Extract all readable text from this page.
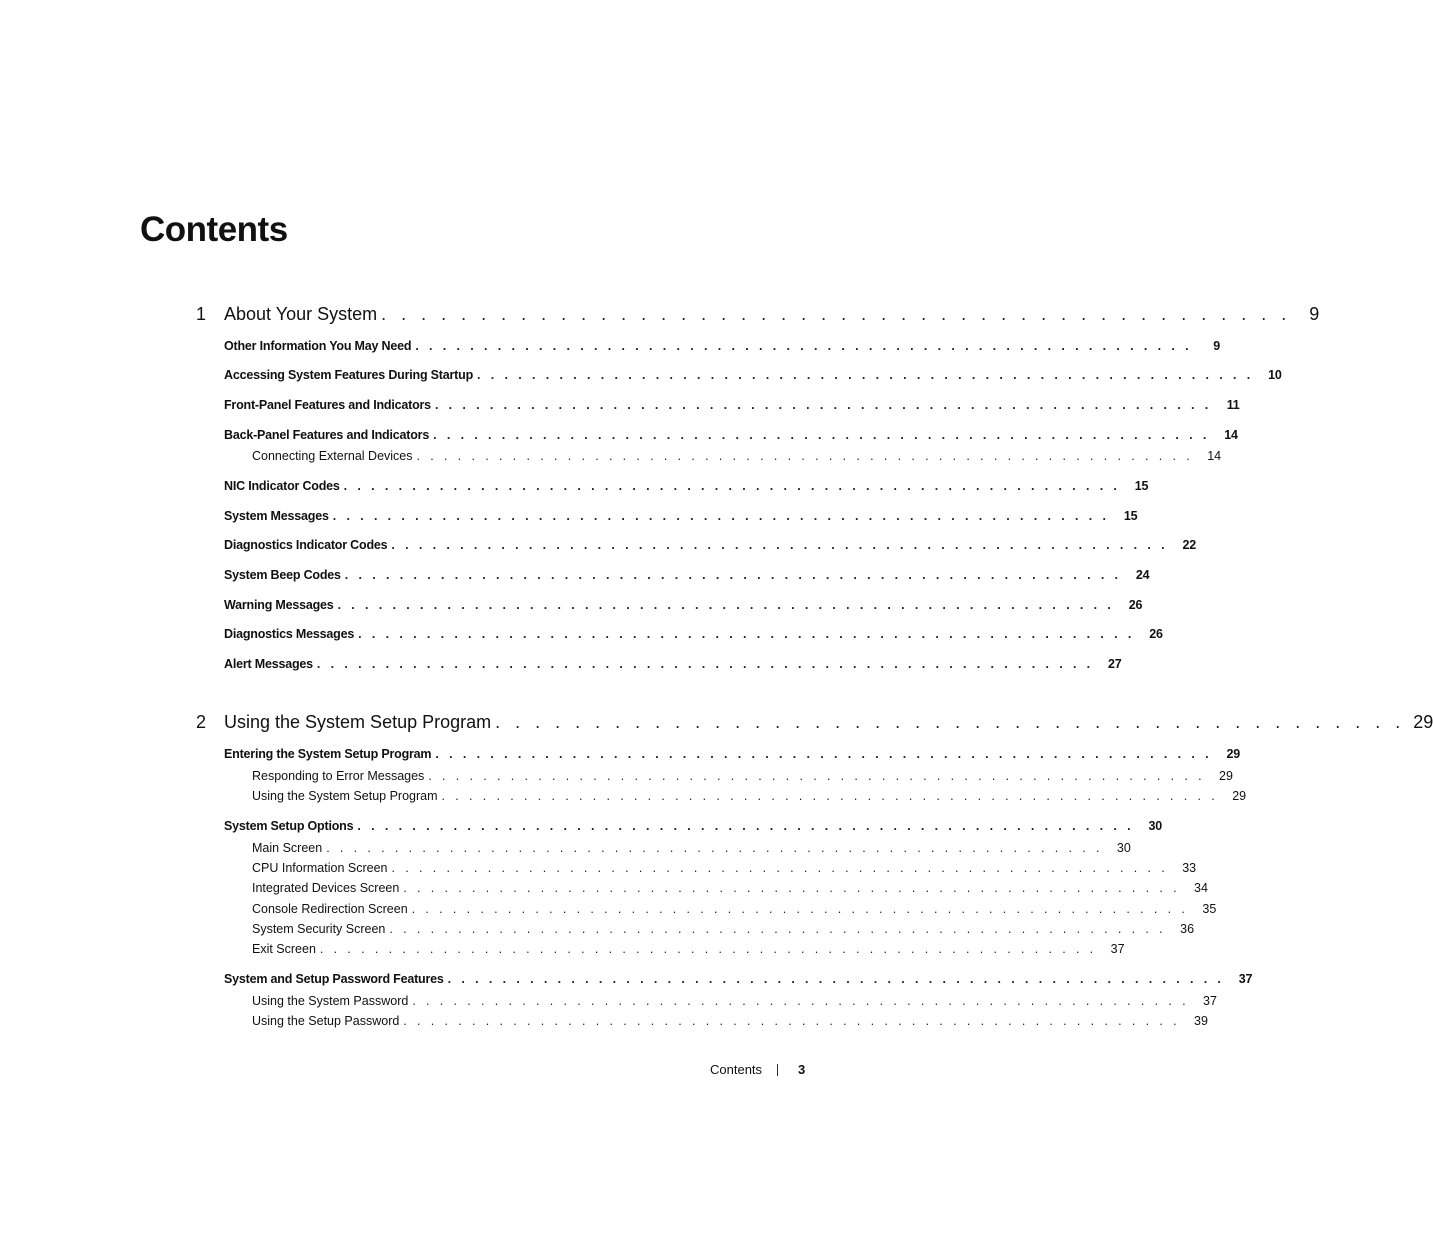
Contents
1 About Your System . . . . . . . . . . . . . . . . . . . . . . . . . . . . . . . . . . . . . . . . . . . . . . 9
Other Information You May Need . . . . . . . . . . . . . . . . . . . . . . . . . . . . . . . . . . . . . . . . . . . . . . . . . . . . . . . . .	9
Accessing System Features During Startup . . . . . . . . . . . . . . . . . . . . . . . . . . . . . . . . . . . . . . . . . . . . . . . . . . . . . . . . .	10
Front-Panel Features and Indicators . . . . . . . . . . . . . . . . . . . . . . . . . . . . . . . . . . . . . . . . . . . . . . . . . . . . . . . . .	11
Back-Panel Features and Indicators . . . . . . . . . . . . . . . . . . . . . . . . . . . . . . . . . . . . . . . . . . . . . . . . . . . . . . . . .	14
Connecting External Devices . . . . . . . . . . . . . . . . . . . . . . . . . . . . . . . . . . . . . . . . . . . . . . . . . . . . . . . . .	14
NIC Indicator Codes . . . . . . . . . . . . . . . . . . . . . . . . . . . . . . . . . . . . . . . . . . . . . . . . . . . . . . . . .	15
System Messages . . . . . . . . . . . . . . . . . . . . . . . . . . . . . . . . . . . . . . . . . . . . . . . . . . . . . . . . .	15
Diagnostics Indicator Codes . . . . . . . . . . . . . . . . . . . . . . . . . . . . . . . . . . . . . . . . . . . . . . . . . . . . . . . . .	22
System Beep Codes . . . . . . . . . . . . . . . . . . . . . . . . . . . . . . . . . . . . . . . . . . . . . . . . . . . . . . . . .	24
Warning Messages . . . . . . . . . . . . . . . . . . . . . . . . . . . . . . . . . . . . . . . . . . . . . . . . . . . . . . . . .	26
Diagnostics Messages . . . . . . . . . . . . . . . . . . . . . . . . . . . . . . . . . . . . . . . . . . . . . . . . . . . . . . . . .	26
Alert Messages . . . . . . . . . . . . . . . . . . . . . . . . . . . . . . . . . . . . . . . . . . . . . . . . . . . . . . . . .	27
2 Using the System Setup Program . . . . . . . . . . . . . . . . . . . . . . . . . . . . . . . . . . . . . . . . . . . . . . 29
Entering the System Setup Program . . . . . . . . . . . . . . . . . . . . . . . . . . . . . . . . . . . . . . . . . . . . . . . . . . . . . . . . .	29
Responding to Error Messages . . . . . . . . . . . . . . . . . . . . . . . . . . . . . . . . . . . . . . . . . . . . . . . . . . . . . . . . .	29
Using the System Setup Program . . . . . . . . . . . . . . . . . . . . . . . . . . . . . . . . . . . . . . . . . . . . . . . . . . . . . . . . .	29
System Setup Options . . . . . . . . . . . . . . . . . . . . . . . . . . . . . . . . . . . . . . . . . . . . . . . . . . . . . . . . .	30
Main Screen . . . . . . . . . . . . . . . . . . . . . . . . . . . . . . . . . . . . . . . . . . . . . . . . . . . . . . . . .	30
CPU Information Screen . . . . . . . . . . . . . . . . . . . . . . . . . . . . . . . . . . . . . . . . . . . . . . . . . . . . . . . . .	33
Integrated Devices Screen . . . . . . . . . . . . . . . . . . . . . . . . . . . . . . . . . . . . . . . . . . . . . . . . . . . . . . . . .	34
Console Redirection Screen . . . . . . . . . . . . . . . . . . . . . . . . . . . . . . . . . . . . . . . . . . . . . . . . . . . . . . . . .	35
System Security Screen . . . . . . . . . . . . . . . . . . . . . . . . . . . . . . . . . . . . . . . . . . . . . . . . . . . . . . . . .	36
Exit Screen . . . . . . . . . . . . . . . . . . . . . . . . . . . . . . . . . . . . . . . . . . . . . . . . . . . . . . . . .	37
System and Setup Password Features . . . . . . . . . . . . . . . . . . . . . . . . . . . . . . . . . . . . . . . . . . . . . . . . . . . . . . . . .	37
Using the System Password . . . . . . . . . . . . . . . . . . . . . . . . . . . . . . . . . . . . . . . . . . . . . . . . . . . . . . . . .	37
Using the Setup Password . . . . . . . . . . . . . . . . . . . . . . . . . . . . . . . . . . . . . . . . . . . . . . . . . . . . . . . . .	39
Contents	3
